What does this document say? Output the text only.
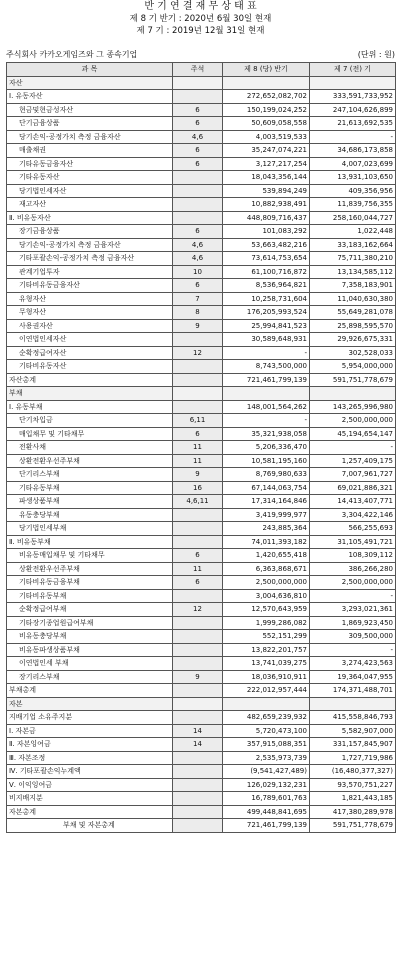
반 기 연 결 재 무 상 태 표
제 8 기 반기 : 2020년 6월 30일 현재
제 7 기 : 2019년 12월 31일 현재
주식회사 카카오게임즈와 그 종속기업	(단위 : 원)
과 목	주석	제 8 (당) 반기	제 7 (전) 기
자산			
Ⅰ. 유동자산		272,652,082,702	333,591,733,952
현금및현금성자산	6	150,199,024,252	247,104,626,899
단기금융상품	6	50,609,058,558	21,613,692,535
당기손익-공정가치 측정 금융자산	4,6	4,003,519,533	-
매출채권	6	35,247,074,221	34,686,173,858
기타유동금융자산	6	3,127,217,254	4,007,023,699
기타유동자산		18,043,356,144	13,931,103,650
당기법인세자산		539,894,249	409,356,956
재고자산		10,882,938,491	11,839,756,355
Ⅱ. 비유동자산		448,809,716,437	258,160,044,727
장기금융상품	6	101,083,292	1,022,448
당기손익-공정가치 측정 금융자산	4,6	53,663,482,216	33,183,162,664
기타포괄손익-공정가치 측정 금융자산	4,6	73,614,753,654	75,711,380,210
관계기업투자	10	61,100,716,872	13,134,585,112
기타비유동금융자산	6	8,536,964,821	7,358,183,901
유형자산	7	10,258,731,604	11,040,630,380
무형자산	8	176,205,993,524	55,649,281,078
사용권자산	9	25,994,841,523	25,898,595,570
이연법인세자산		30,589,648,931	29,926,675,331
순확정급여자산	12	-	302,528,033
기타비유동자산		8,743,500,000	5,954,000,000
자산총계		721,461,799,139	591,751,778,679
부채			
Ⅰ. 유동부채		148,001,564,262	143,265,996,980
단기차입금	6,11	-	2,500,000,000
매입채무 및 기타채무	6	35,321,938,058	45,194,654,147
전환사채	11	5,206,336,470	-
상환전환우선주부채	11	10,581,195,160	1,257,409,175
단기리스부채	9	8,769,980,633	7,007,961,727
기타유동부채	16	67,144,063,754	69,021,886,321
파생상품부채	4,6,11	17,314,164,846	14,413,407,771
유동충당부채		3,419,999,977	3,304,422,146
당기법인세부채		243,885,364	566,255,693
Ⅱ. 비유동부채		74,011,393,182	31,105,491,721
비유동매입채무 및 기타채무	6	1,420,655,418	108,309,112
상환전환우선주부채	11	6,363,868,671	386,266,280
기타비유동금융부채	6	2,500,000,000	2,500,000,000
기타비유동부채		3,004,636,810	-
순확정급여부채	12	12,570,643,959	3,293,021,361
기타장기종업원급여부채		1,999,286,082	1,869,923,450
비유동충당부채		552,151,299	309,500,000
비유동파생상품부채		13,822,201,757	-
이연법인세 부채		13,741,039,275	3,274,423,563
장기리스부채	9	18,036,910,911	19,364,047,955
부채총계		222,012,957,444	174,371,488,701
자본			
지배기업 소유주지분		482,659,239,932	415,558,846,793
Ⅰ. 자본금	14	5,720,473,100	5,582,907,000
Ⅱ. 자본잉여금	14	357,915,088,351	331,157,845,907
Ⅲ. 자본조정		2,535,973,739	1,727,719,986
Ⅳ. 기타포괄손익누계액		(9,541,427,489)	(16,480,377,327)
Ⅴ. 이익잉여금		126,029,132,231	93,570,751,227
비지배지분		16,789,601,763	1,821,443,185
자본총계		499,448,841,695	417,380,289,978
부채 및 자본총계		721,461,799,139	591,751,778,679
